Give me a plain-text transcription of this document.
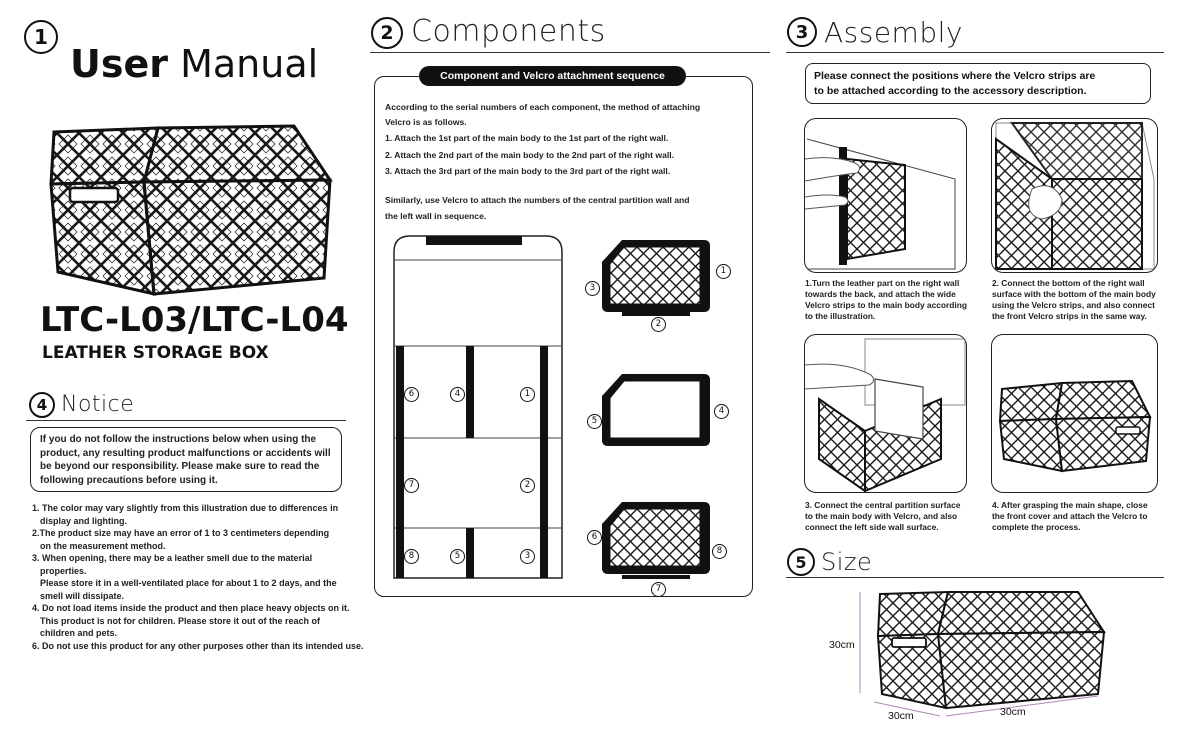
1
User Manual
LTC-L03/LTC-L04
LEATHER STORAGE BOX
4 Notice
If you do not follow the instructions below when using the product, any resulting product malfunctions or accidents will be beyond our responsibility. Please make sure to read the following precautions before using it.
1. The color may vary slightly from this illustration due to differences in
display and lighting.
2.The product size may have an error of 1 to 3 centimeters depending
on the measurement method.
3. When opening, there may be a leather smell due to the material
properties.
Please store it in a well-ventilated place for about 1 to 2 days, and the
smell will dissipate.
4. Do not load items inside the product and then place heavy objects on it.
This product is not for children. Please store it out of the reach of
children and pets.
6. Do not use this product for any other purposes other than its intended use.
2 Components
Component and Velcro attachment sequence
According to the serial numbers of each component, the method of attaching
Velcro is as follows.
1. Attach the 1st part of the main body to the 1st part of the right wall.
2. Attach the 2nd part of the main body to the 2nd part of the right wall.
3. Attach the 3rd part of the main body to the 3rd part of the right wall.
Similarly, use Velcro to attach the numbers of the central partition wall and
the left wall in sequence.
6	4	1
7	2
8	5	3
3
1
2
5
4
6
8
7
3 Assembly
Please connect the positions where the Velcro strips are
to be attached according to the accessory description.
1.Turn the leather part on the right wall
towards the back, and attach the wide
Velcro strips to the main body according
to the illustration.
2. Connect the bottom of the right wall
surface with the bottom of the main body
using the Velcro strips, and also connect
the front Velcro strips in the same way.
3. Connect the central partition surface
to the main body with Velcro, and also
connect the left side wall surface.
4. After grasping the main shape, close
the front cover and attach the Velcro to
complete the process.
5 Size
30cm
30cm	30cm
